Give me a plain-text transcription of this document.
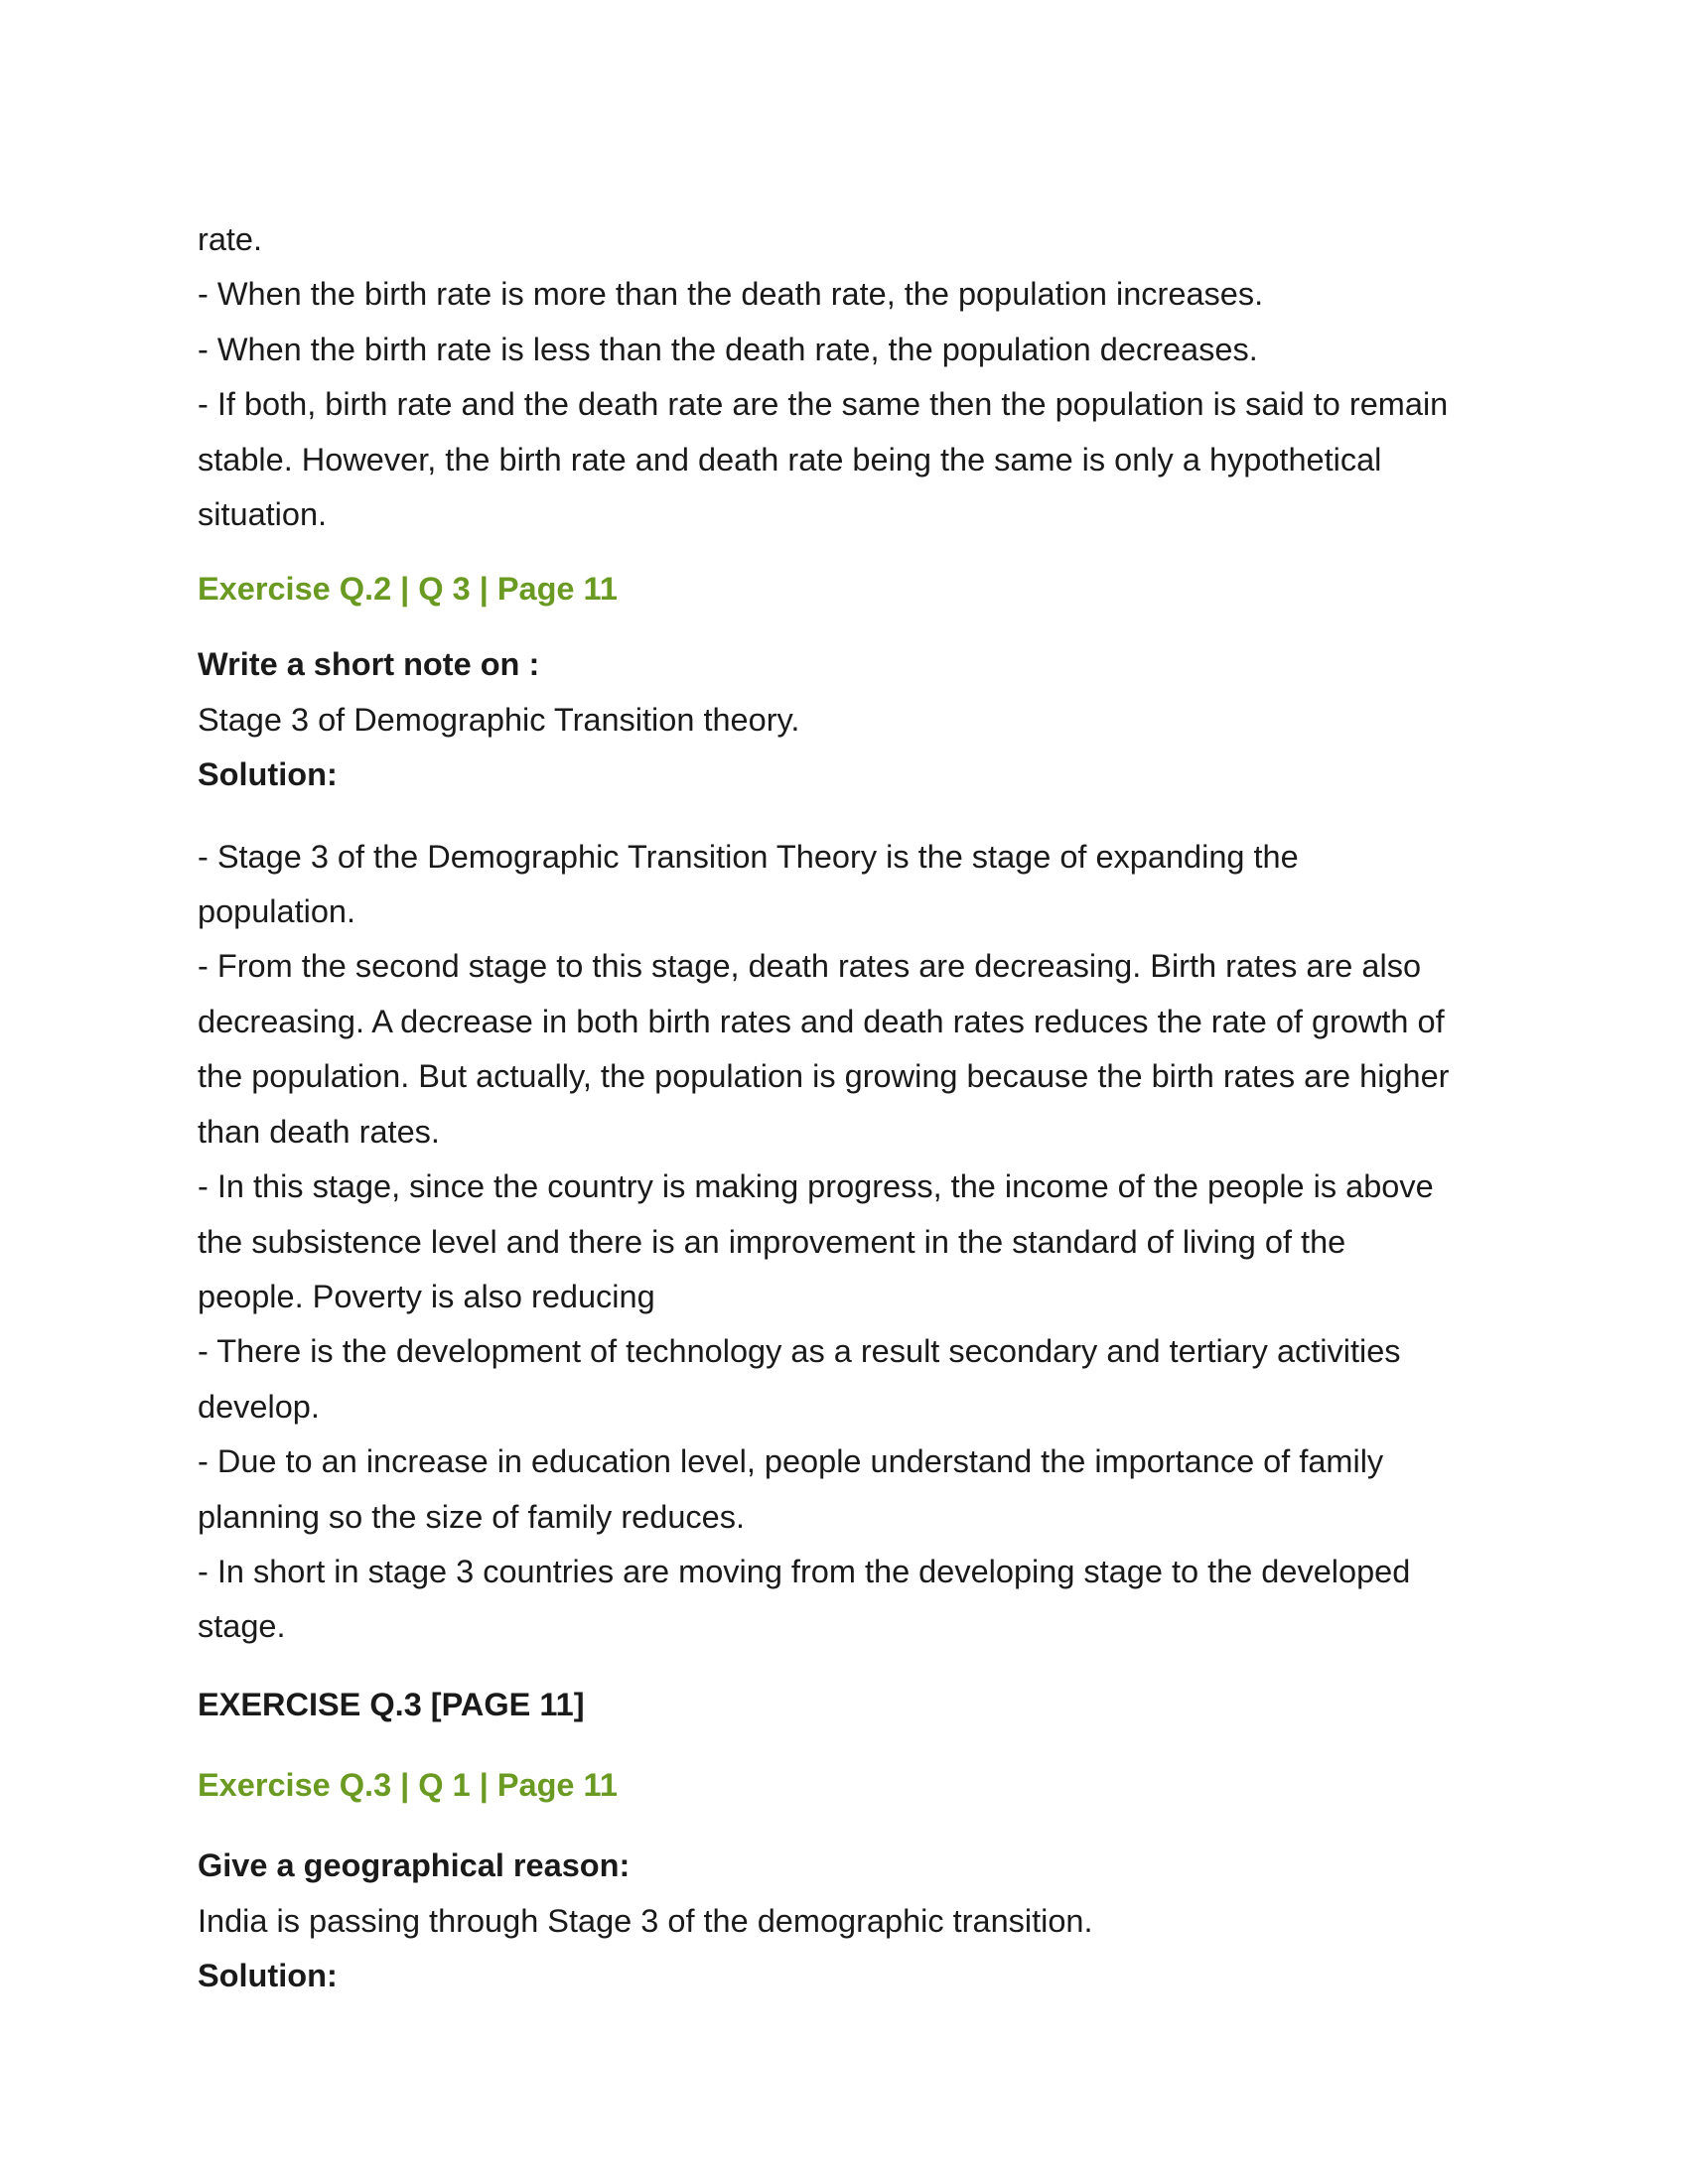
rate.

- When the birth rate is more than the death rate, the population increases.

- When the birth rate is less than the death rate, the population decreases.

- If both, birth rate and the death rate are the same then the population is said to remain

stable. However, the birth rate and death rate being the same is only a hypothetical

situation.

Exercise Q.2 | Q 3 | Page 11

Write a short note on :

Stage 3 of Demographic Transition theory.

Solution:

- Stage 3 of the Demographic Transition Theory is the stage of expanding the

population.

- From the second stage to this stage, death rates are decreasing. Birth rates are also

decreasing. A decrease in both birth rates and death rates reduces the rate of growth of

the population. But actually, the population is growing because the birth rates are higher

than death rates.

- In this stage, since the country is making progress, the income of the people is above

the subsistence level and there is an improvement in the standard of living of the

people. Poverty is also reducing

- There is the development of technology as a result secondary and tertiary activities

develop.

- Due to an increase in education level, people understand the importance of family

planning so the size of family reduces.

- In short in stage 3 countries are moving from the developing stage to the developed

stage.

EXERCISE Q.3 [PAGE 11]
Exercise Q.3 | Q 1 | Page 11

Give a geographical reason:

India is passing through Stage 3 of the demographic transition.

Solution:
